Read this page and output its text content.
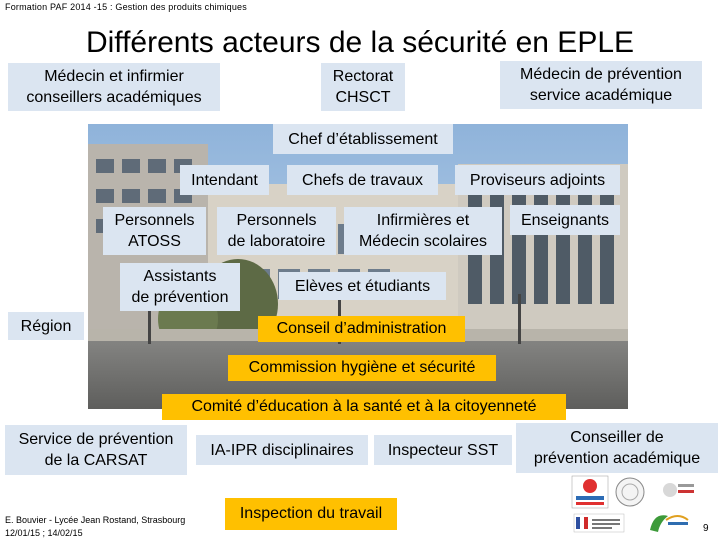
Formation PAF 2014 -15 : Gestion des produits chimiques
Différents acteurs de la sécurité en EPLE
Médecin et infirmier
conseillers académiques
Rectorat
CHSCT
Médecin de prévention
service académique
Chef d’établissement
Intendant	Chefs de travaux	Proviseurs adjoints
Personnels
ATOSS
Personnels
de laboratoire
Infirmières et
Médecin scolaires
Enseignants
Assistants
de prévention
Elèves et étudiants
Région	Conseil d’administration
Commission hygiène et sécurité
Comité d’éducation à la santé et à la citoyenneté
Inspection du travail
Service de prévention
de la CARSAT
IA-IPR disciplinaires	Inspecteur SST
Conseiller de
prévention académique
E. Bouvier - Lycée Jean Rostand, Strasbourg
12/01/15 ; 14/02/15	9
